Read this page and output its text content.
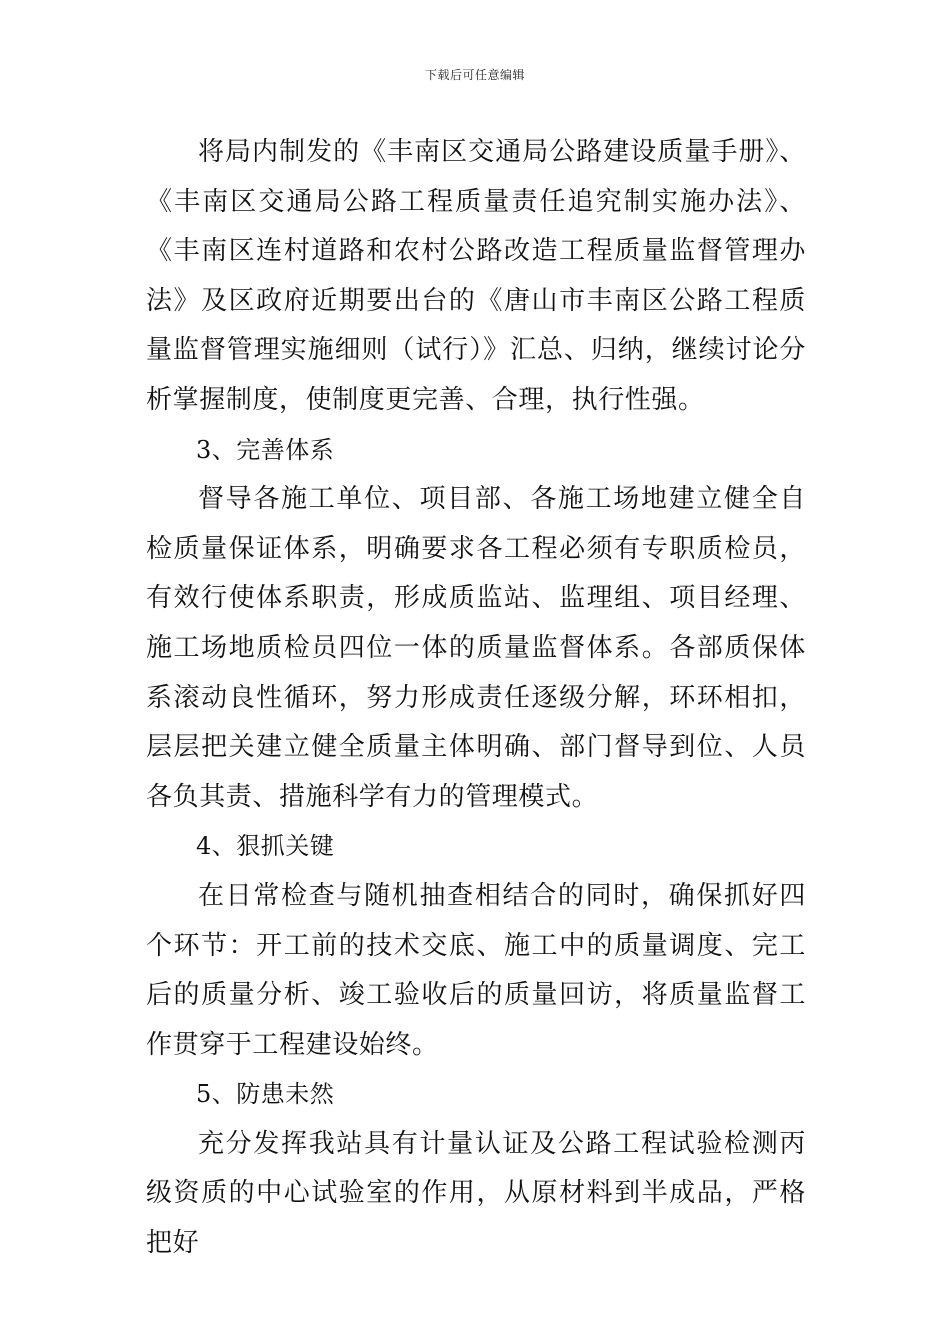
下载后可任意编辑

将局内制发的《丰南区交通局公路建设质量手册》、《丰南区交通局公路工程质量责任追究制实施办法》、《丰南区连村道路和农村公路改造工程质量监督管理办法》及区政府近期要出台的《唐山市丰南区公路工程质量监督管理实施细则（试行）》汇总、归纳，继续讨论分析掌握制度，使制度更完善、合理，执行性强。

3、完善体系

督导各施工单位、项目部、各施工场地建立健全自检质量保证体系，明确要求各工程必须有专职质检员，有效行使体系职责，形成质监站、监理组、项目经理、施工场地质检员四位一体的质量监督体系。各部质保体系滚动良性循环，努力形成责任逐级分解，环环相扣，层层把关建立健全质量主体明确、部门督导到位、人员各负其责、措施科学有力的管理模式。

4、狠抓关键

在日常检查与随机抽查相结合的同时，确保抓好四个环节：开工前的技术交底、施工中的质量调度、完工后的质量分析、竣工验收后的质量回访，将质量监督工作贯穿于工程建设始终。

5、防患未然

充分发挥我站具有计量认证及公路工程试验检测丙级资质的中心试验室的作用，从原材料到半成品，严格把好
